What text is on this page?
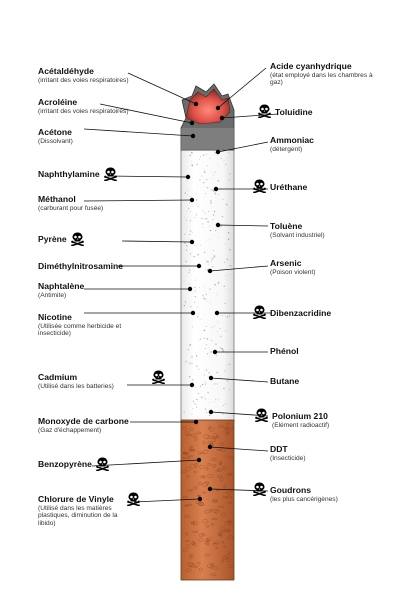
Acétaldéhyde
(irritant des voies respiratoires)
Acroléine
(irritant des voies respiratoires)
Acétone
(Dissolvant)
Naphthylamine
Méthanol
(carburant pour fusée)
Pyrène
Diméthylnitrosamine
Naphtalène
(Antimite)
Nicotine
(Utilisée comme herbicide et insecticide)
Cadmium
(Utilisé dans les batteries)
Monoxyde de carbone
(Gaz d'échappement)
Benzopyrène
Chlorure de Vinyle
(Utilisé dans les matières plastiques, diminution de la libido)
Acide cyanhydrique
(état employé dans les chambres à gaz)
Toluidine
Ammoniac
(détergent)
Uréthane
Toluène
(Solvant industriel)
Arsenic
(Poison violent)
Dibenzacridine
Phénol
Butane
Polonium 210
(Elément radioactif)
DDT
(Insecticide)
Goudrons
(les plus cancérigènes)
